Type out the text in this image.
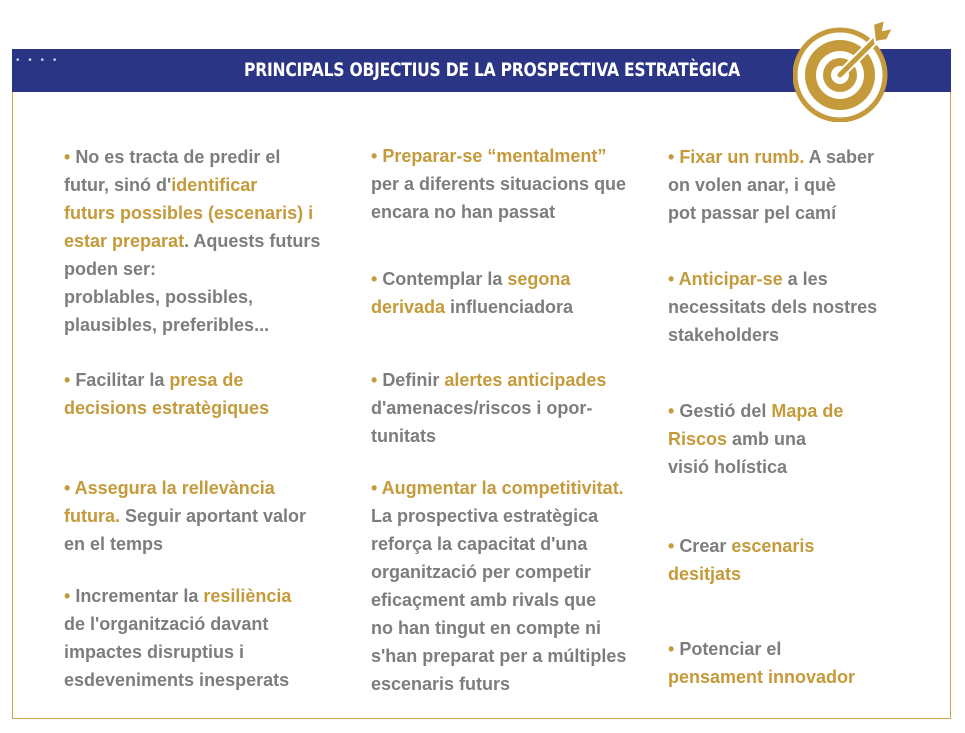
• • • •	PRINCIPALS OBJECTIUS DE LA PROSPECTIVA ESTRATÈGICA
• No es tracta de predir el
futur, sinó d'identificar
futurs possibles (escenaris) i
estar preparat. Aquests futurs
poden ser:
problables, possibles,
plausibles, preferibles...
• Facilitar la presa de
decisions estratègiques
• Assegura la rellevància
futura. Seguir aportant valor
en el temps
• Incrementar la resiliència
de l'organització davant
impactes disruptius i
esdeveniments inesperats
• Preparar-se “mentalment”
per a diferents situacions que
encara no han passat
• Contemplar la segona
derivada influenciadora
• Definir alertes anticipades
d'amenaces/riscos i opor-
tunitats
• Augmentar la competitivitat.
La prospectiva estratègica
reforça la capacitat d'una
organització per competir
eficaçment amb rivals que
no han tingut en compte ni
s'han preparat per a múltiples
escenaris futurs
• Fixar un rumb. A saber
on volen anar, i què
pot passar pel camí
• Anticipar-se a les
necessitats dels nostres
stakeholders
• Gestió del Mapa de
Riscos amb una
visió holística
• Crear escenaris
desitjats
• Potenciar el
pensament innovador
